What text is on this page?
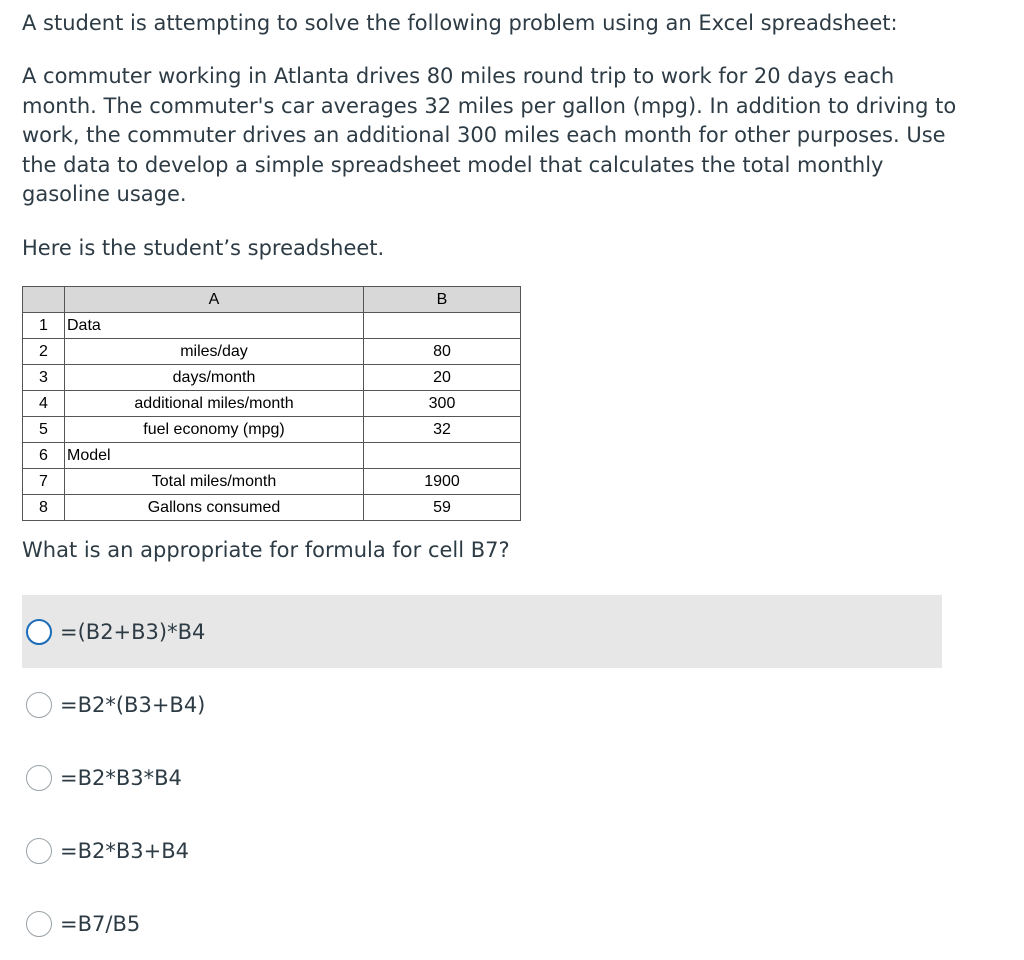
A student is attempting to solve the following problem using an Excel spreadsheet:

A commuter working in Atlanta drives 80 miles round trip to work for 20 days each month. The commuter's car averages 32 miles per gallon (mpg). In addition to driving to work, the commuter drives an additional 300 miles each month for other purposes. Use the data to develop a simple spreadsheet model that calculates the total monthly gasoline usage.

Here is the student’s spreadsheet.

	A	B
1	Data	
2	miles/day	80
3	days/month	20
4	additional miles/month	300
5	fuel economy (mpg)	32
6	Model	
7	Total miles/month	1900
8	Gallons consumed	59

What is an appropriate for formula for cell B7?

=(B2+B3)*B4
=B2*(B3+B4)
=B2*B3*B4
=B2*B3+B4
=B7/B5
